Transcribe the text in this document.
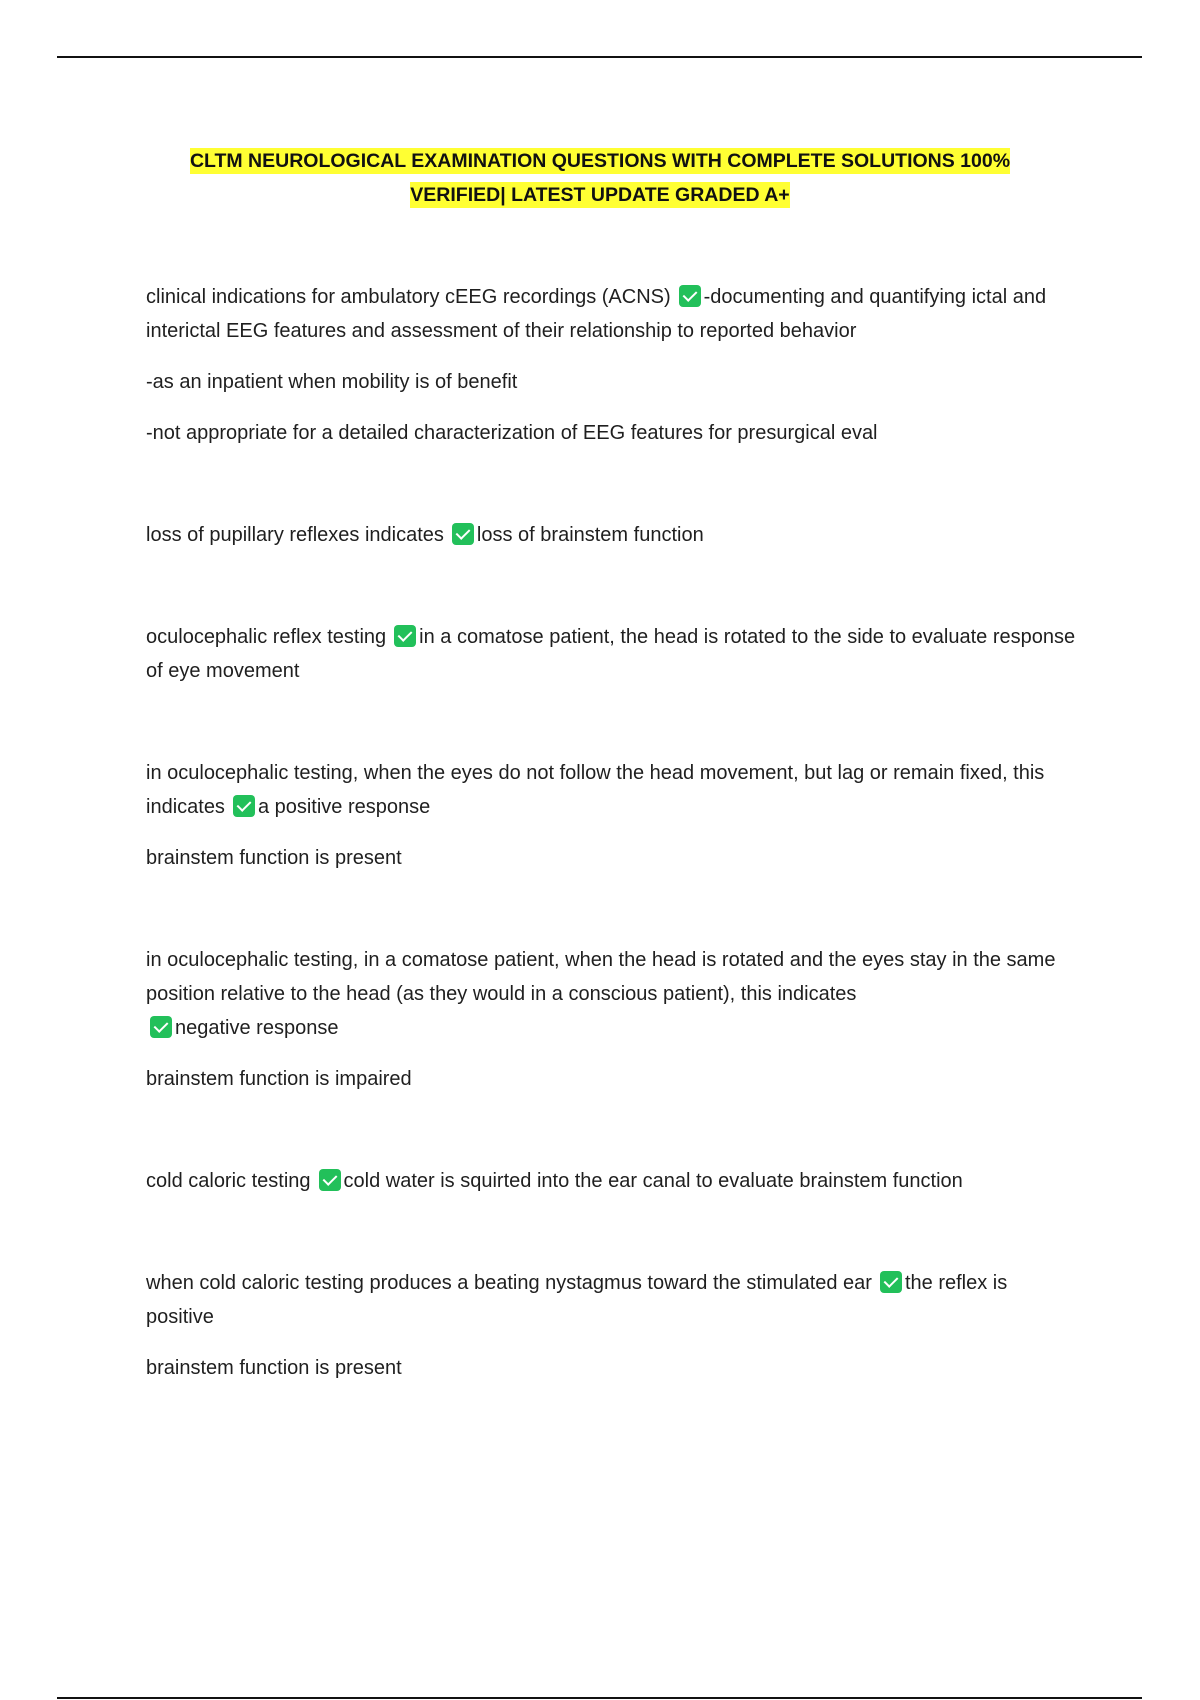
CLTM NEUROLOGICAL EXAMINATION QUESTIONS WITH COMPLETE SOLUTIONS 100%
VERIFIED| LATEST UPDATE GRADED A+

clinical indications for ambulatory cEEG recordings (ACNS) -documenting and quantifying ictal and interictal EEG features and assessment of their relationship to reported behavior

-as an inpatient when mobility is of benefit

-not appropriate for a detailed characterization of EEG features for presurgical eval

loss of pupillary reflexes indicates loss of brainstem function

oculocephalic reflex testing in a comatose patient, the head is rotated to the side to evaluate response of eye movement

in oculocephalic testing, when the eyes do not follow the head movement, but lag or remain fixed, this indicates a positive response

brainstem function is present

in oculocephalic testing, in a comatose patient, when the head is rotated and the eyes stay in the same position relative to the head (as they would in a conscious patient), this indicates
negative response

brainstem function is impaired

cold caloric testing cold water is squirted into the ear canal to evaluate brainstem function

when cold caloric testing produces a beating nystagmus toward the stimulated ear the reflex is positive

brainstem function is present
